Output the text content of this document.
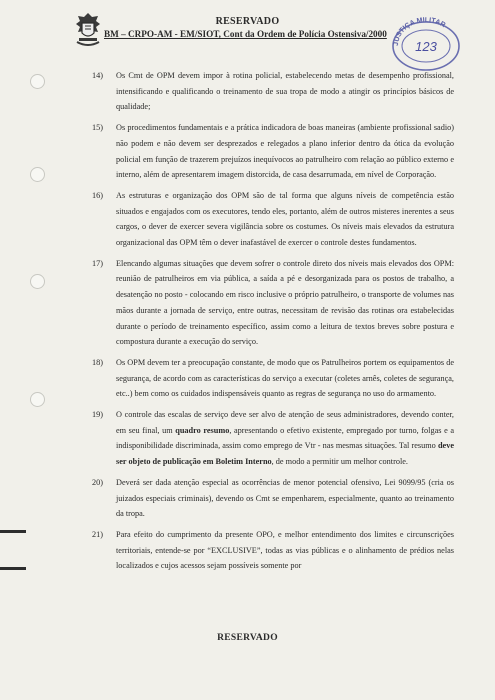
RESERVADO
BM – CRPO-AM - EM/SIOT, Cont da Ordem de Polícia Ostensiva/2000
JUSTIÇA MILITAR
123

14) Os Cmt de OPM devem impor à rotina policial, estabelecendo metas de desempenho profissional, intensificando e qualificando o treinamento de sua tropa de modo a atingir os princípios básicos de qualidade;

15) Os procedimentos fundamentais e a prática indicadora de boas maneiras (ambiente profissional sadio) não podem e não devem ser desprezados e relegados a plano inferior dentro da ótica da evolução policial em função de trazerem prejuízos inequívocos ao patrulheiro com relação ao público externo e interno, além de apresentarem imagem distorcida, de casa desarrumada, em nível de Corporação.

16) As estruturas e organização dos OPM são de tal forma que alguns níveis de competência estão situados e engajados com os executores, tendo eles, portanto, além de outros misteres inerentes a seus cargos, o dever de exercer severa vigilância sobre os costumes. Os níveis mais elevados da estrutura organizacional das OPM têm o dever inafastável de exercer o controle destes fundamentos.

17) Elencando algumas situações que devem sofrer o controle direto dos níveis mais elevados dos OPM: reunião de patrulheiros em via pública, a saída a pé e desorganizada para os postos de trabalho, a desatenção no posto - colocando em risco inclusive o próprio patrulheiro, o transporte de volumes nas mãos durante a jornada de serviço, entre outras, necessitam de revisão das rotinas ora estabelecidas durante o período de treinamento específico, assim como a leitura de textos breves sobre postura e compostura durante a execução do serviço.

18) Os OPM devem ter a preocupação constante, de modo que os Patrulheiros portem os equipamentos de segurança, de acordo com as características do serviço a executar (coletes arnês, coletes de segurança, etc..) bem como os cuidados indispensáveis quanto as regras de segurança no uso do armamento.

19) O controle das escalas de serviço deve ser alvo de atenção de seus administradores, devendo conter, em seu final, um quadro resumo, apresentando o efetivo existente, empregado por turno, folgas e a indisponibilidade discriminada, assim como emprego de Vtr - nas mesmas situações. Tal resumo deve ser objeto de publicação em Boletim Interno, de modo a permitir um melhor controle.

20) Deverá ser dada atenção especial as ocorrências de menor potencial ofensivo, Lei 9099/95 (cria os juizados especiais criminais), devendo os Cmt se empenharem, especialmente, quanto ao treinamento da tropa.

21) Para efeito do cumprimento da presente OPO, e melhor entendimento dos limites e circunscrições territoriais, entende-se por “EXCLUSIVE”, todas as vias públicas e o alinhamento de prédios nelas localizados e cujos acessos sejam possíveis somente por

RESERVADO
